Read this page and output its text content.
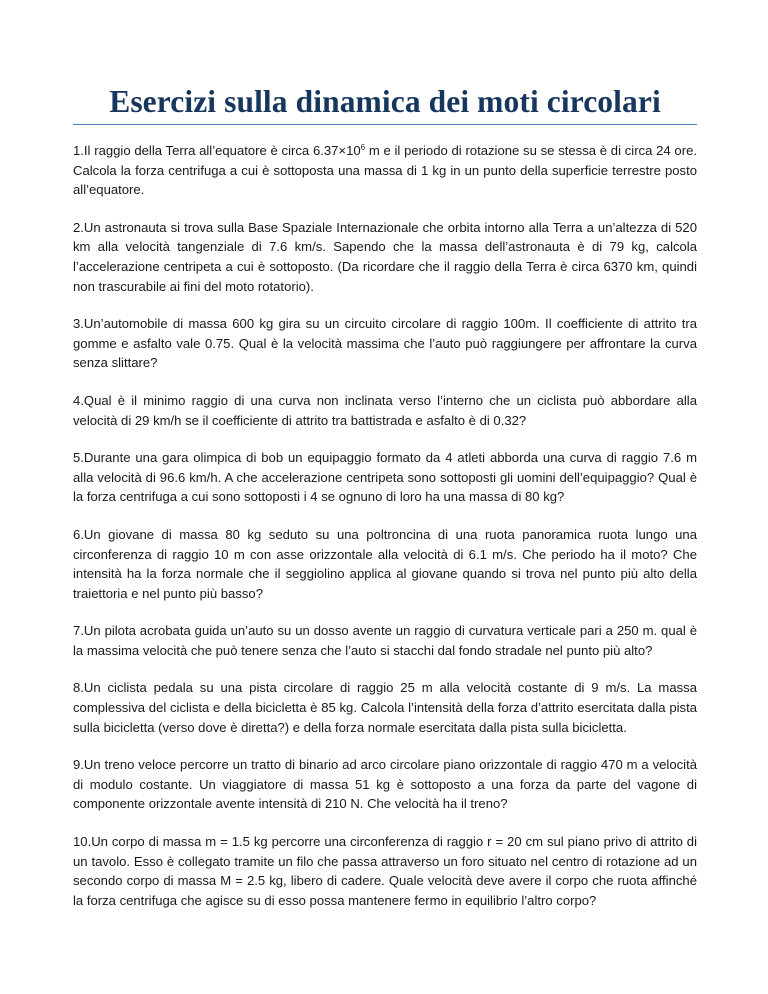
Esercizi sulla dinamica dei moti circolari

1.Il raggio della Terra all’equatore è circa $6.37\times 10^6$ m e il periodo di rotazione su se stessa è di circa 24 ore. Calcola la forza centrifuga a cui è sottoposta una massa di 1 kg in un punto della superficie terrestre posto all’equatore.

2.Un astronauta si trova sulla Base Spaziale Internazionale che orbita intorno alla Terra a un’altezza di 520 km alla velocità tangenziale di 7.6 km/s. Sapendo che la massa dell’astronauta è di 79 kg, calcola l’accelerazione centripeta a cui è sottoposto. (Da ricordare che il raggio della Terra è circa 6370 km, quindi non trascurabile ai fini del moto rotatorio).

3.Un’automobile di massa 600 kg gira su un circuito circolare di raggio 100m. Il coefficiente di attrito tra gomme e asfalto vale 0.75. Qual è la velocità massima che l’auto può raggiungere per affrontare la curva senza slittare?

4.Qual è il minimo raggio di una curva non inclinata verso l’interno che un ciclista può abbordare alla velocità di 29 km/h se il coefficiente di attrito tra battistrada e asfalto è di 0.32?

5.Durante una gara olimpica di bob un equipaggio formato da 4 atleti abborda una curva di raggio 7.6 m alla velocità di 96.6 km/h. A che accelerazione centripeta sono sottoposti gli uomini dell’equipaggio? Qual è la forza centrifuga a cui sono sottoposti i 4 se ognuno di loro ha una massa di 80 kg?

6.Un giovane di massa 80 kg seduto su una poltroncina di una ruota panoramica ruota lungo una circonferenza di raggio 10 m con asse orizzontale alla velocità di 6.1 m/s. Che periodo ha il moto? Che intensità ha la forza normale che il seggiolino applica al giovane quando si trova nel punto più alto della traiettoria e nel punto più basso?

7.Un pilota acrobata guida un’auto su un dosso avente un raggio di curvatura verticale pari a 250 m. qual è la massima velocità che può tenere senza che l’auto si stacchi dal fondo stradale nel punto più alto?

8.Un ciclista pedala su una pista circolare di raggio 25 m alla velocità costante di 9 m/s. La massa complessiva del ciclista e della bicicletta è 85 kg. Calcola l’intensità della forza d’attrito esercitata dalla pista sulla bicicletta (verso dove è diretta?) e della forza normale esercitata dalla pista sulla bicicletta.

9.Un treno veloce percorre un tratto di binario ad arco circolare piano orizzontale di raggio 470 m a velocità di modulo costante. Un viaggiatore di massa 51 kg è sottoposto a una forza da parte del vagone di componente orizzontale avente intensità di 210 N. Che velocità ha il treno?

10.Un corpo di massa m = 1.5 kg percorre una circonferenza di raggio r = 20 cm sul piano privo di attrito di un tavolo. Esso è collegato tramite un filo che passa attraverso un foro situato nel centro di rotazione ad un secondo corpo di massa M = 2.5 kg, libero di cadere. Quale velocità deve avere il corpo che ruota affinché la forza centrifuga che agisce su di esso possa mantenere fermo in equilibrio l’altro corpo?
